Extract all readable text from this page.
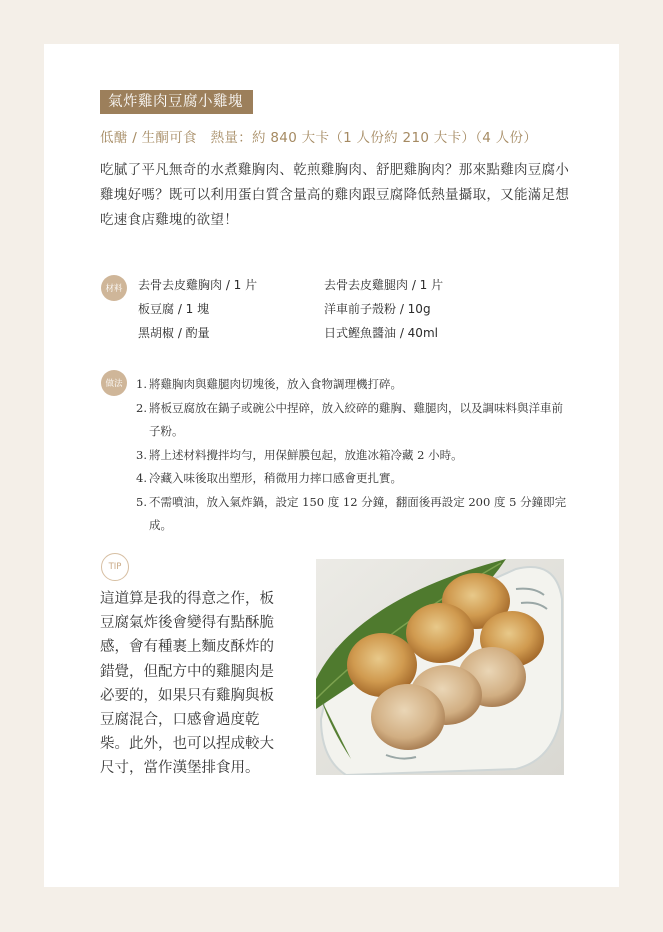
氣炸雞肉豆腐小雞塊
低醣 / 生酮可食　熱量：約 840 大卡（1 人份約 210 大卡）（4 人份）
吃膩了平凡無奇的水煮雞胸肉、乾煎雞胸肉、舒肥雞胸肉？那來點雞肉豆腐小雞塊好嗎？既可以利用蛋白質含量高的雞肉跟豆腐降低熱量攝取，又能滿足想吃速食店雞塊的欲望！
材料	去骨去皮雞胸肉 / 1 片	去骨去皮雞腿肉 / 1 片
板豆腐 / 1 塊	洋車前子殼粉 / 10g
黑胡椒 / 酌量	日式鰹魚醬油 / 40ml
做法	1. 將雞胸肉與雞腿肉切塊後，放入食物調理機打碎。
2. 將板豆腐放在鍋子或碗公中捏碎，放入絞碎的雞胸、雞腿肉，以及調味料與洋車前子粉。
3. 將上述材料攪拌均勻，用保鮮膜包起，放進冰箱冷藏 2 小時。
4. 冷藏入味後取出塑形，稍微用力摔口感會更扎實。
5. 不需噴油，放入氣炸鍋，設定 150 度 12 分鐘，翻面後再設定 200 度 5 分鐘即完成。
TIP
這道算是我的得意之作，板豆腐氣炸後會變得有點酥脆感，會有種裹上麵皮酥炸的錯覺，但配方中的雞腿肉是必要的，如果只有雞胸與板豆腐混合，口感會過度乾柴。此外，也可以捏成較大尺寸，當作漢堡排食用。
